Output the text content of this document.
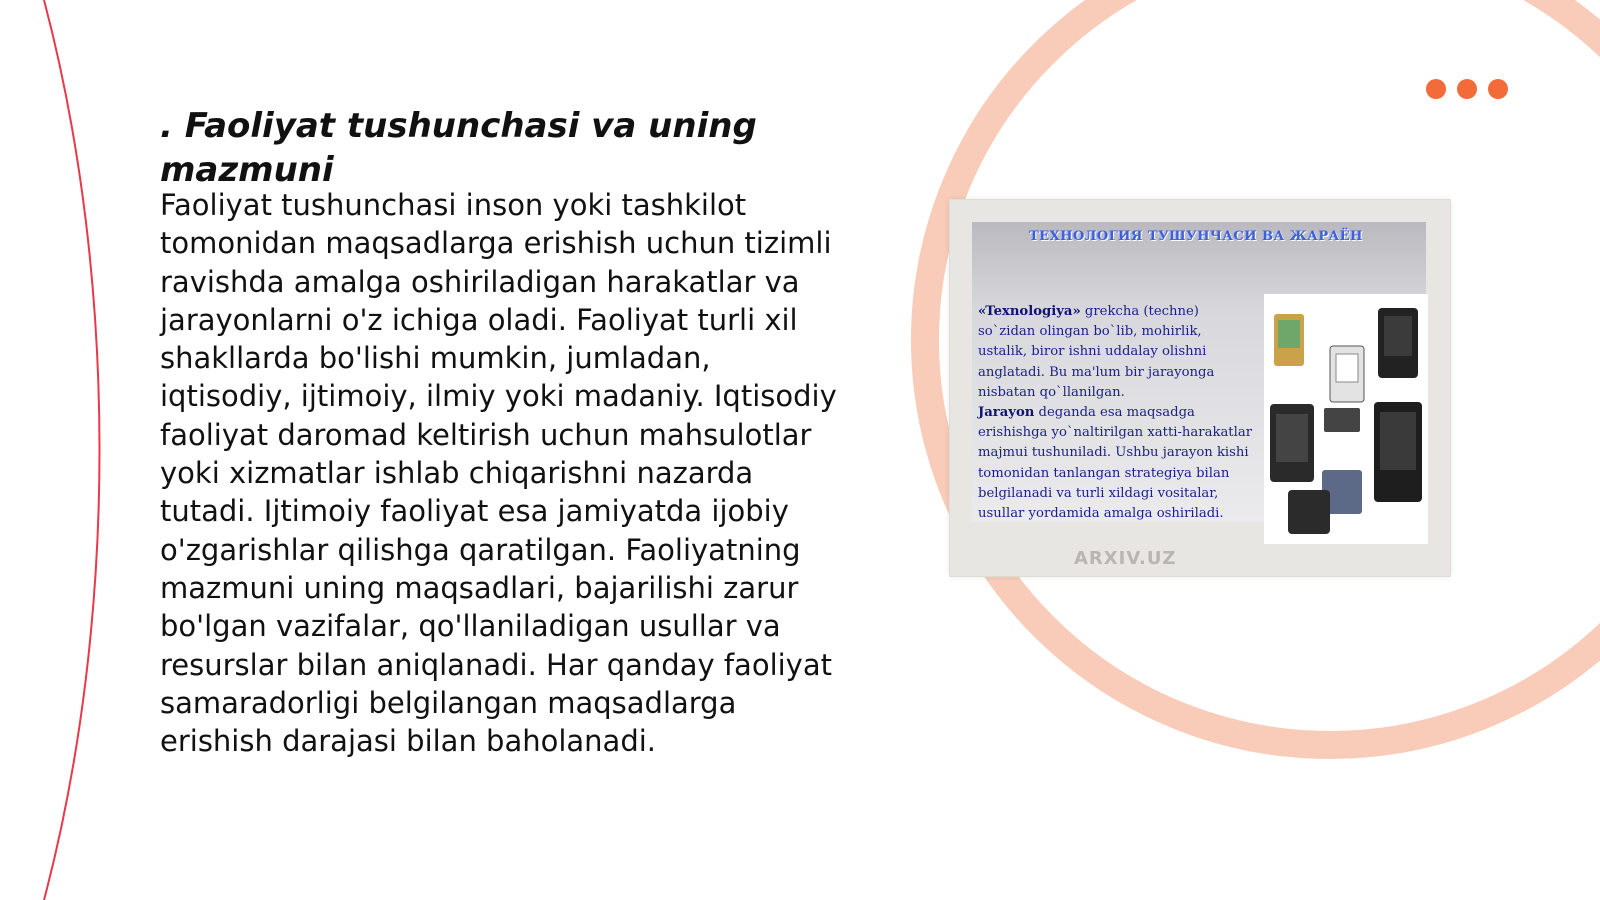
. Faoliyat tushunchasi va uning mazmuni

Faoliyat tushunchasi inson yoki tashkilot tomonidan maqsadlarga erishish uchun tizimli ravishda amalga oshiriladigan harakatlar va jarayonlarni o'z ichiga oladi. Faoliyat turli xil shakllarda bo'lishi mumkin, jumladan, iqtisodiy, ijtimoiy, ilmiy yoki madaniy. Iqtisodiy faoliyat daromad keltirish uchun mahsulotlar yoki xizmatlar ishlab chiqarishni nazarda tutadi. Ijtimoiy faoliyat esa jamiyatda ijobiy o'zgarishlar qilishga qaratilgan. Faoliyatning mazmuni uning maqsadlari, bajarilishi zarur bo'lgan vazifalar, qo'llaniladigan usullar va resurslar bilan aniqlanadi. Har qanday faoliyat samaradorligi belgilangan maqsadlarga erishish darajasi bilan baholanadi.

ТЕХНОЛОГИЯ ТУШУНЧАСИ ВА ЖАРАЁН
«Texnologiya» grekcha (techne) so`zidan olingan bo`lib, mohirlik, ustalik, biror ishni uddalay olishni anglatadi. Bu ma'lum bir jarayonga nisbatan qo`llanilgan.
Jarayon deganda esa maqsadga erishishga yo`naltirilgan xatti-harakatlar majmui tushuniladi. Ushbu jarayon kishi tomonidan tanlangan strategiya bilan belgilanadi va turli xildagi vositalar, usullar yordamida amalga oshiriladi.
ARXIV.UZ
